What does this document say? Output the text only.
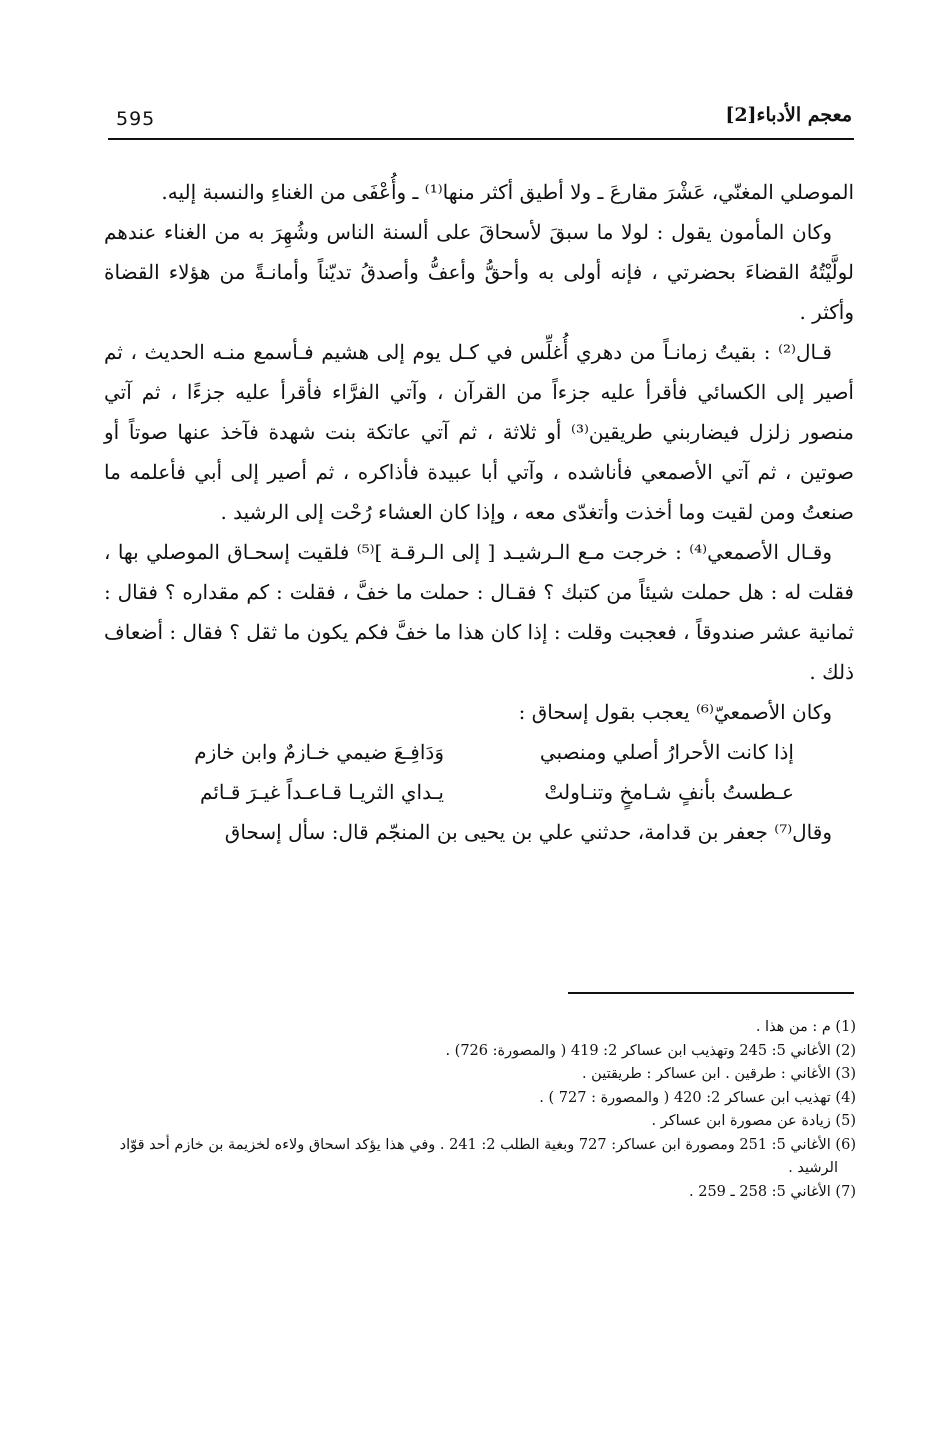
595	معجم الأدباء[2]

الموصلي المغنّي، عَشْرَ مقارعَ ـ ولا أطيق أكثر منها⁽¹⁾ ـ وأُعْفَى من الغناءِ والنسبة إليه.

وكان المأمون يقول : لولا ما سبقَ لأسحاقَ على ألسنة الناس وشُهِرَ به من الغناء عندهم لولَّيْتُهُ القضاءَ بحضرتي ، فإنه أولى به وأحقُّ وأعفُّ وأصدقُ تديّناً وأمانـةً من هؤلاء القضاة وأكثر .

قـال⁽²⁾ : بقيتُ زمانـاً من دهري أُغلِّس في كـل يوم إلى هشيم فـأسمع منـه الحديث ، ثم أصير إلى الكسائي فأقرأ عليه جزءاً من القرآن ، وآتي الفرَّاء فأقرأ عليه جزءًا ، ثم آتي منصور زلزل فيضاربني طريقين⁽³⁾ أو ثلاثة ، ثم آتي عاتكة بنت شهدة فآخذ عنها صوتاً أو صوتين ، ثم آتي الأصمعي فأناشده ، وآتي أبا عبيدة فأذاكره ، ثم أصير إلى أبي فأعلمه ما صنعتُ ومن لقيت وما أخذت وأتغدّى معه ، وإذا كان العشاء رُحْت إلى الرشيد .

وقـال الأصمعي⁽⁴⁾ : خرجت مـع الـرشيـد [ إلى الـرقـة ]⁽⁵⁾ فلقيت إسحـاق الموصلي بها ، فقلت له : هل حملت شيئاً من كتبك ؟ فقـال : حملت ما خفَّ ، فقلت : كم مقداره ؟ فقال : ثمانية عشر صندوقاً ، فعجبت وقلت : إذا كان هذا ما خفَّ فكم يكون ما ثقل ؟ فقال : أضعاف ذلك .

وكان الأصمعيّ⁽⁶⁾ يعجب بقول إسحاق :

إذا كانت الأحرارُ أصلي ومنصبي
وَدَافِـعَ ضيمي خـازمٌ وابن خازم
عـطستُ بأنفٍ شـامخٍ وتنـاولتْ
يـداي الثريـا قـاعـداً غيـرَ قـائم

وقال⁽⁷⁾ جعفر بن قدامة، حدثني علي بن يحيى بن المنجّم قال: سأل إسحاق

(1) م : من هذا .

(2) الأغاني 5: 245 وتهذيب ابن عساكر 2: 419 ( والمصورة: 726) .

(3) الأغاني : طرقين . ابن عساكر : طريقتين .

(4) تهذيب ابن عساكر 2: 420 ( والمصورة : 727 ) .

(5) زيادة عن مصورة ابن عساكر .

(6) الأغاني 5: 251 ومصورة ابن عساكر: 727 وبغية الطلب 2: 241 . وفي هذا يؤكد اسحاق ولاءه لخزيمة بن خازم أحد قوّاد الرشيد .

(7) الأغاني 5: 258 ـ 259 .
